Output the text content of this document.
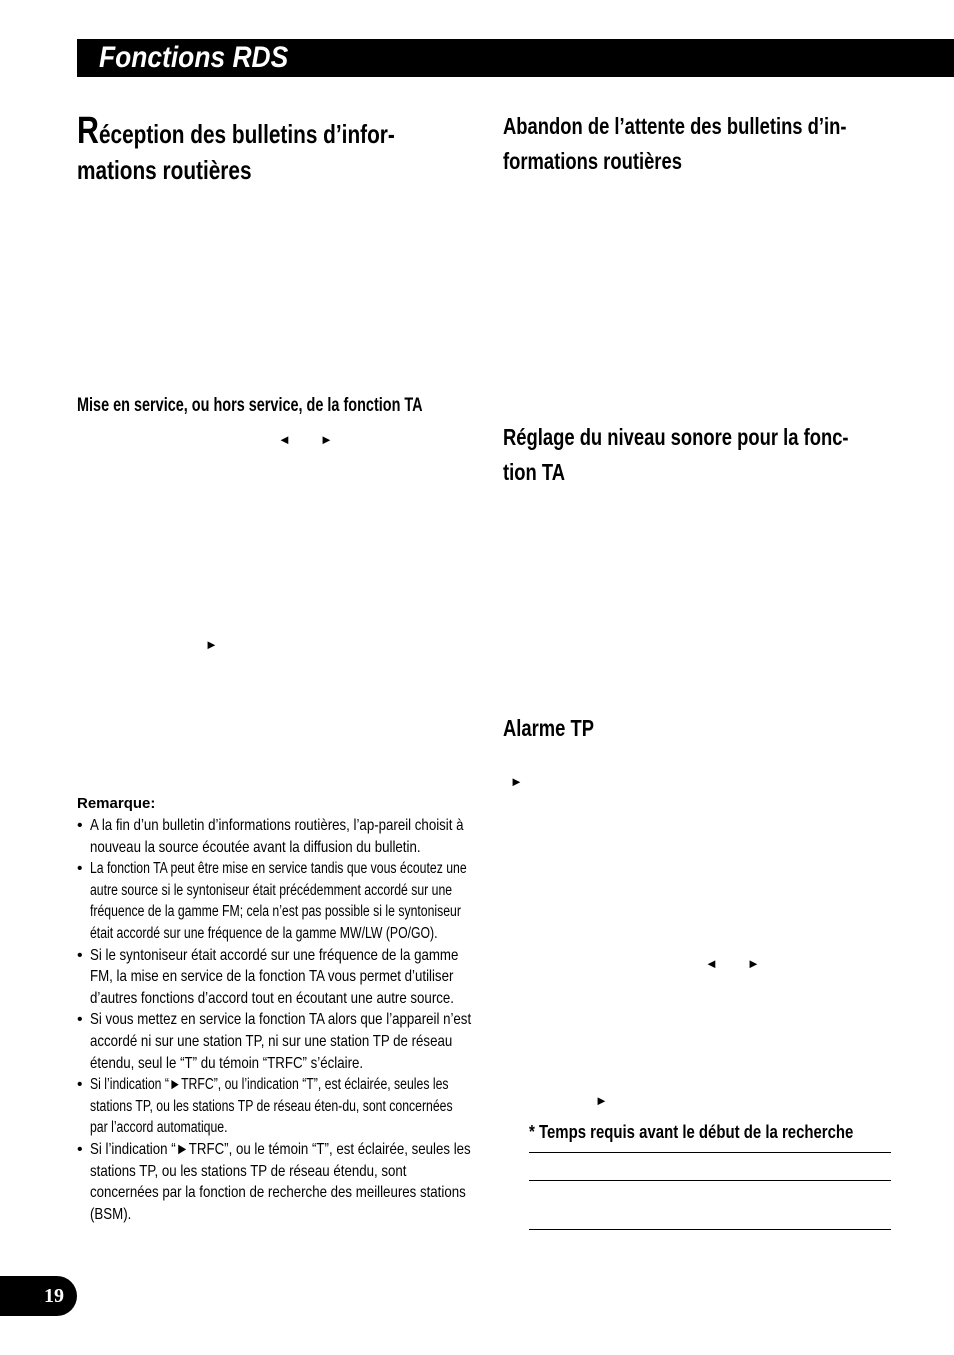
Fonctions RDS
Réception des bulletins d’infor-mations routières
Mise en service, ou hors service, de la fonction TA
◄ ►
►
Remarque:
• A la fin d’un bulletin d’informations routières, l’ap-pareil choisit à nouveau la source écoutée avant la diffusion du bulletin.
• La fonction TA peut être mise en service tandis que vous écoutez une autre source si le syntoniseur était précédemment accordé sur une fréquence de la gamme FM; cela n’est pas possible si le syntoniseur était accordé sur une fréquence de la gamme MW/LW (PO/GO).
• Si le syntoniseur était accordé sur une fréquence de la gamme FM, la mise en service de la fonction TA vous permet d’utiliser d’autres fonctions d’accord tout en écoutant une autre source.
• Si vous mettez en service la fonction TA alors que l’appareil n’est accordé ni sur une station TP, ni sur une station TP de réseau étendu, seul le “T” du témoin “TRFC” s’éclaire.
• Si l’indication “►TRFC”, ou l’indication “T”, est éclairée, seules les stations TP, ou les stations TP de réseau éten-du, sont concernées par l’accord automatique.
• Si l’indication “►TRFC”, ou le témoin “T”, est éclairée, seules les stations TP, ou les stations TP de réseau étendu, sont concernées par la fonction de recherche des meilleures stations (BSM).
Abandon de l’attente des bulletins d’in-formations routières
Réglage du niveau sonore pour la fonc-tion TA
Alarme TP
►
◄ ►
►
* Temps requis avant le début de la recherche
19
